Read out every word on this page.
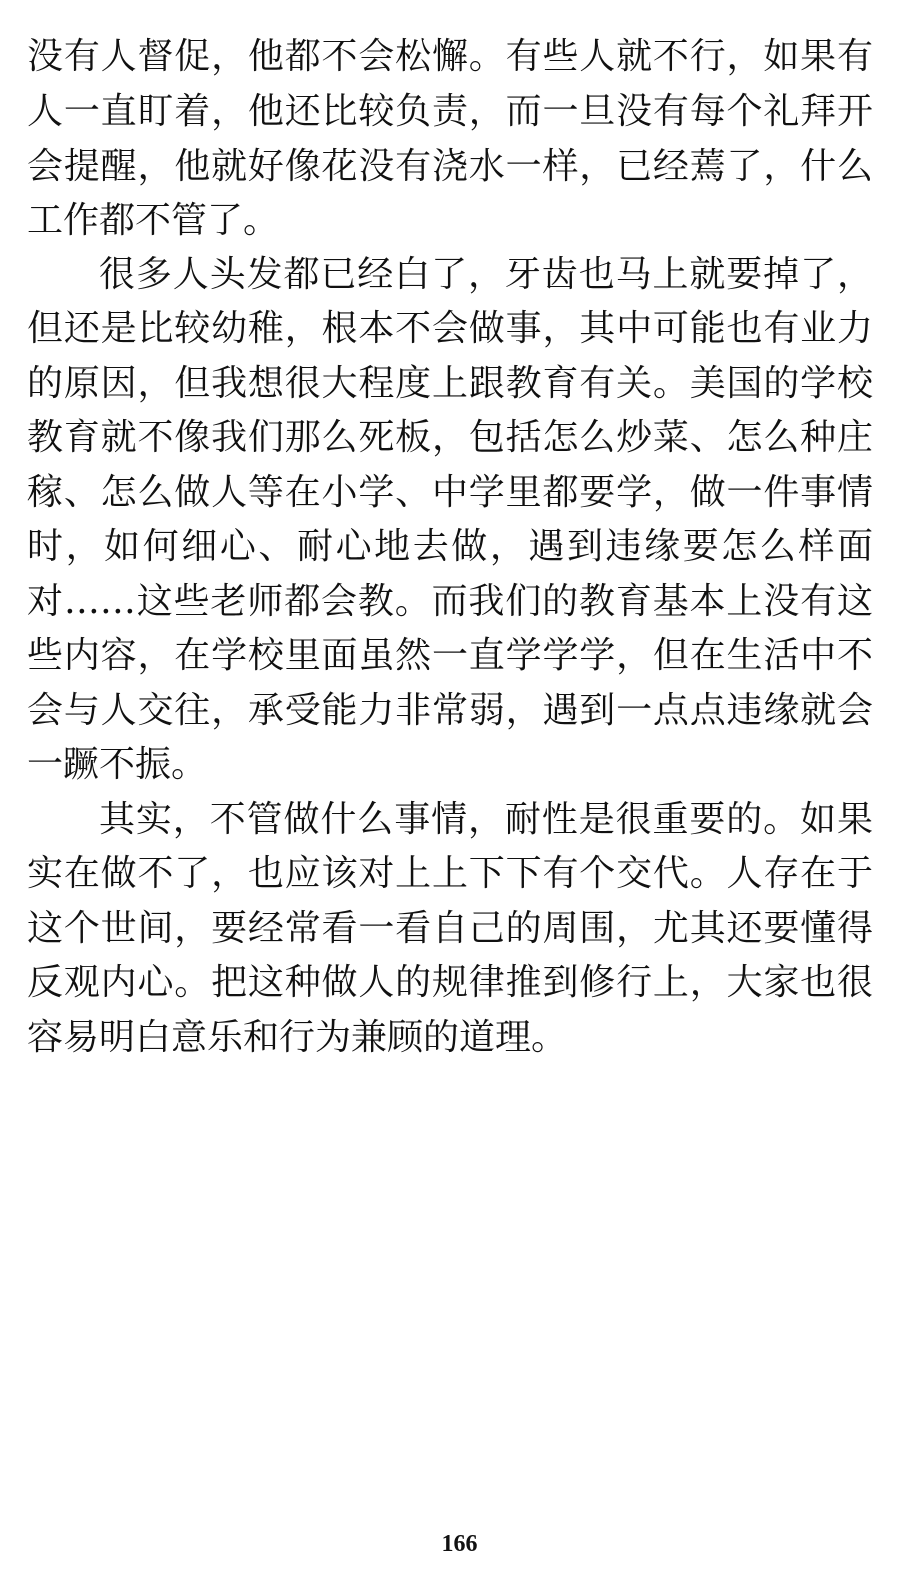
没有人督促，他都不会松懈。有些人就不行，如果有
人一直盯着，他还比较负责，而一旦没有每个礼拜开
会提醒，他就好像花没有浇水一样，已经蔫了，什么
工作都不管了。
很多人头发都已经白了，牙齿也马上就要掉了，
但还是比较幼稚，根本不会做事，其中可能也有业力
的原因，但我想很大程度上跟教育有关。美国的学校
教育就不像我们那么死板，包括怎么炒菜、怎么种庄
稼、怎么做人等在小学、中学里都要学，做一件事情
时，如何细心、耐心地去做，遇到违缘要怎么样面
对……这些老师都会教。而我们的教育基本上没有这
些内容，在学校里面虽然一直学学学，但在生活中不
会与人交往，承受能力非常弱，遇到一点点违缘就会
一蹶不振。
其实，不管做什么事情，耐性是很重要的。如果
实在做不了，也应该对上上下下有个交代。人存在于
这个世间，要经常看一看自己的周围，尤其还要懂得
反观内心。把这种做人的规律推到修行上，大家也很
容易明白意乐和行为兼顾的道理。
166
